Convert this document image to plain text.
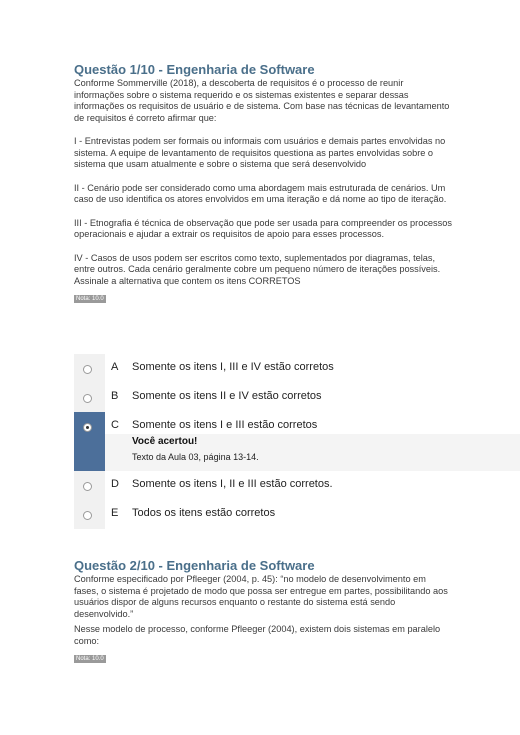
Questão 1/10 - Engenharia de Software

Conforme Sommerville (2018), a descoberta de requisitos é o processo de reunir informações sobre o sistema requerido e os sistemas existentes e separar dessas informações os requisitos de usuário e de sistema. Com base nas técnicas de levantamento de requisitos é correto afirmar que:

I - Entrevistas podem ser formais ou informais com usuários e demais partes envolvidas no sistema. A equipe de levantamento de requisitos questiona as partes envolvidas sobre o sistema que usam atualmente e sobre o sistema que será desenvolvido

II - Cenário pode ser considerado como uma abordagem mais estruturada de cenários. Um caso de uso identifica os atores envolvidos em uma iteração e dá nome ao tipo de iteração.

III - Etnografia é técnica de observação que pode ser usada para compreender os processos operacionais e ajudar a extrair os requisitos de apoio para esses processos.

IV - Casos de usos podem ser escritos como texto, suplementados por diagramas, telas, entre outros. Cada cenário geralmente cobre um pequeno número de iterações possíveis.

Assinale a alternativa que contem os itens CORRETOS

Nota: 10.0
A Somente os itens I, III e IV estão corretos
B Somente os itens II e IV estão corretos
Você acertou!
Texto da Aula 03, página 13-14.
C Somente os itens I e III estão corretos
D Somente os itens I, II e III estão corretos.
E Todos os itens estão corretos
Questão 2/10 - Engenharia de Software

Conforme especificado por Pfleeger (2004, p. 45): “no modelo de desenvolvimento em fases, o sistema é projetado de modo que possa ser entregue em partes, possibilitando aos usuários dispor de alguns recursos enquanto o restante do sistema está sendo desenvolvido.”

Nesse modelo de processo, conforme Pfleeger (2004), existem dois sistemas em paralelo como:

Nota: 10.0
